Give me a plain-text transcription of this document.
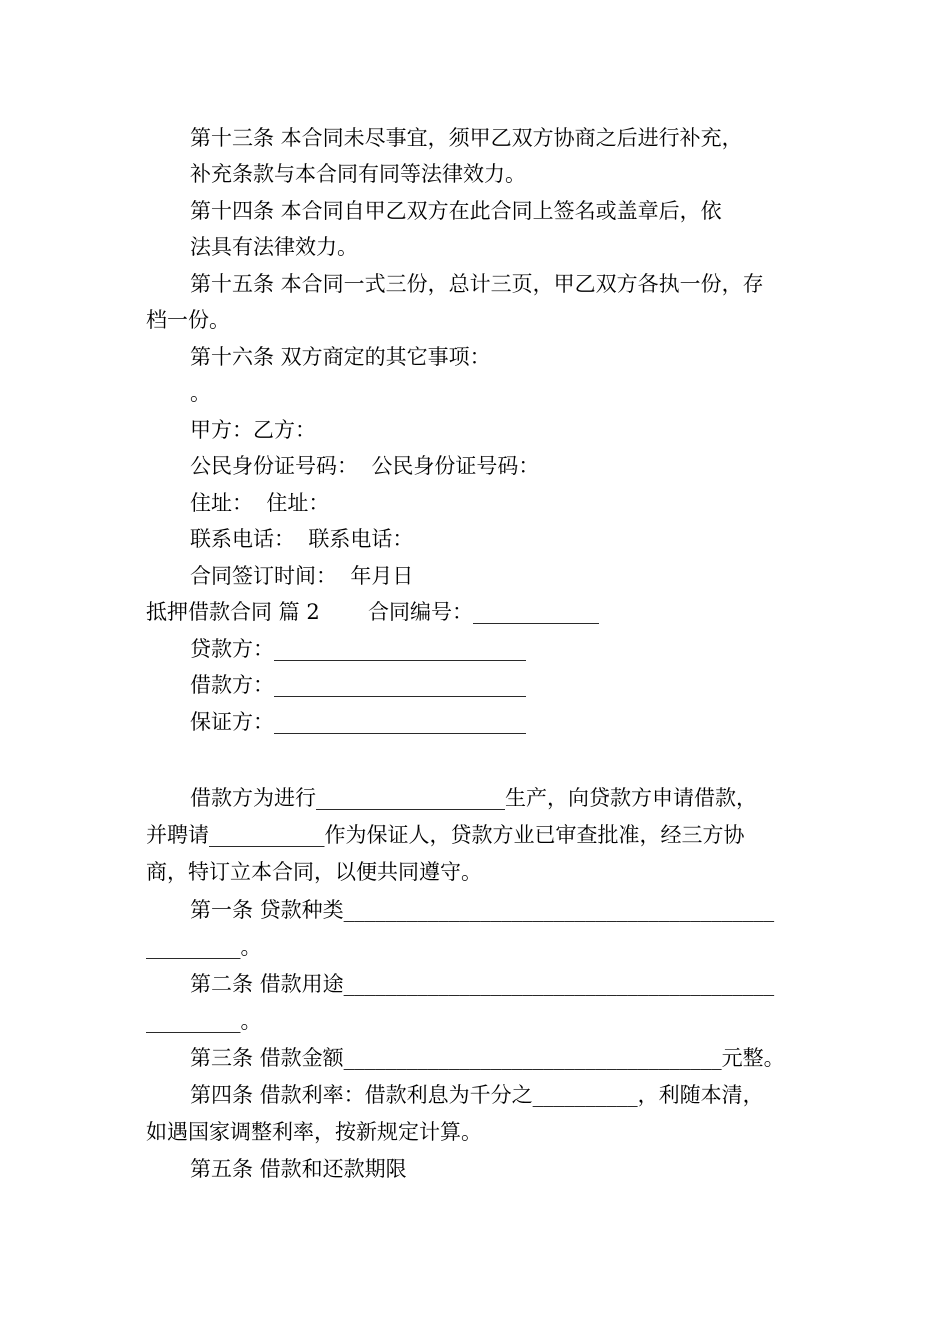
第十三条 本合同未尽事宜，须甲乙双方协商之后进行补充，
补充条款与本合同有同等法律效力。
第十四条 本合同自甲乙双方在此合同上签名或盖章后，依
法具有法律效力。
第十五条 本合同一式三份，总计三页，甲乙双方各执一份，存
档一份。
第十六条 双方商定的其它事项：
。
甲方：乙方：
公民身份证号码：  公民身份证号码：
住址：  住址：
联系电话：  联系电话：
合同签订时间：  年月日
抵押借款合同 篇 2 合同编号：____________
贷款方：________________________
借款方：________________________
保证方：________________________
借款方为进行__________________生产，向贷款方申请借款，
并聘请___________作为保证人，贷款方业已审查批准，经三方协
商，特订立本合同，以便共同遵守。
第一条 贷款种类_________________________________________
_________。
第二条 借款用途_________________________________________
_________。
第三条 借款金额____________________________________元整。
第四条 借款利率：借款利息为千分之__________，利随本清，
如遇国家调整利率，按新规定计算。
第五条 借款和还款期限
